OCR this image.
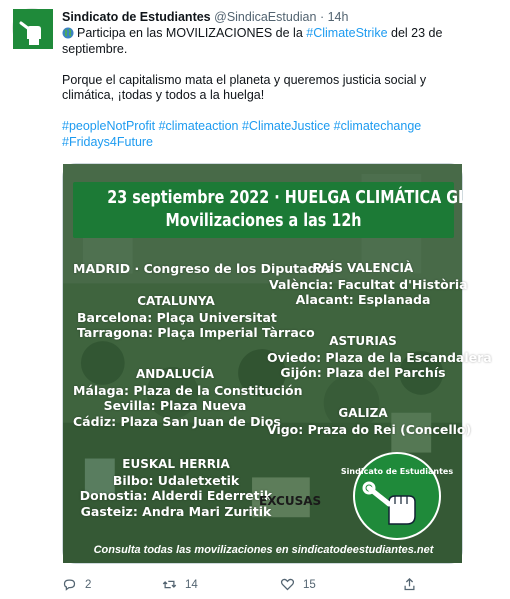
Sindicato de Estudiantes @SindicaEstudian · 14h

Participa en las MOVILIZACIONES de la #ClimateStrike del 23 de septiembre.

Porque el capitalismo mata el planeta y queremos justicia social y climática, ¡todas y todos a la huelga!

#peopleNotProfit #climateaction #ClimateJustice #climatechange
#Fridays4Future

23 septiembre 2022 · HUELGA CLIMÁTICA GLOBAL
Movilizaciones a las 12h
MADRID · Congreso de los Diputados
CATALUNYA
Barcelona: Plaça Universitat
Tarragona: Plaça Imperial Tàrraco
ANDALUCÍA
Málaga: Plaza de la Constitución
Sevilla: Plaza Nueva
Cádiz: Plaza San Juan de Dios
EUSKAL HERRIA
Bilbo: Udaletxetik
Donostia: Alderdi Ederretik
Gasteiz: Andra Mari Zuritik
PAÍS VALENCIÀ
València: Facultat d'Història
Alacant: Esplanada
ASTURIAS
Oviedo: Plaza de la Escandalera
Gijón: Plaza del Parchís
GALIZA
Vigo: Praza do Rei (Concello)
Sindicato de Estudiantes
EXCUSAS
Consulta todas las movilizaciones en sindicatodeestudiantes.net
2	14	15
